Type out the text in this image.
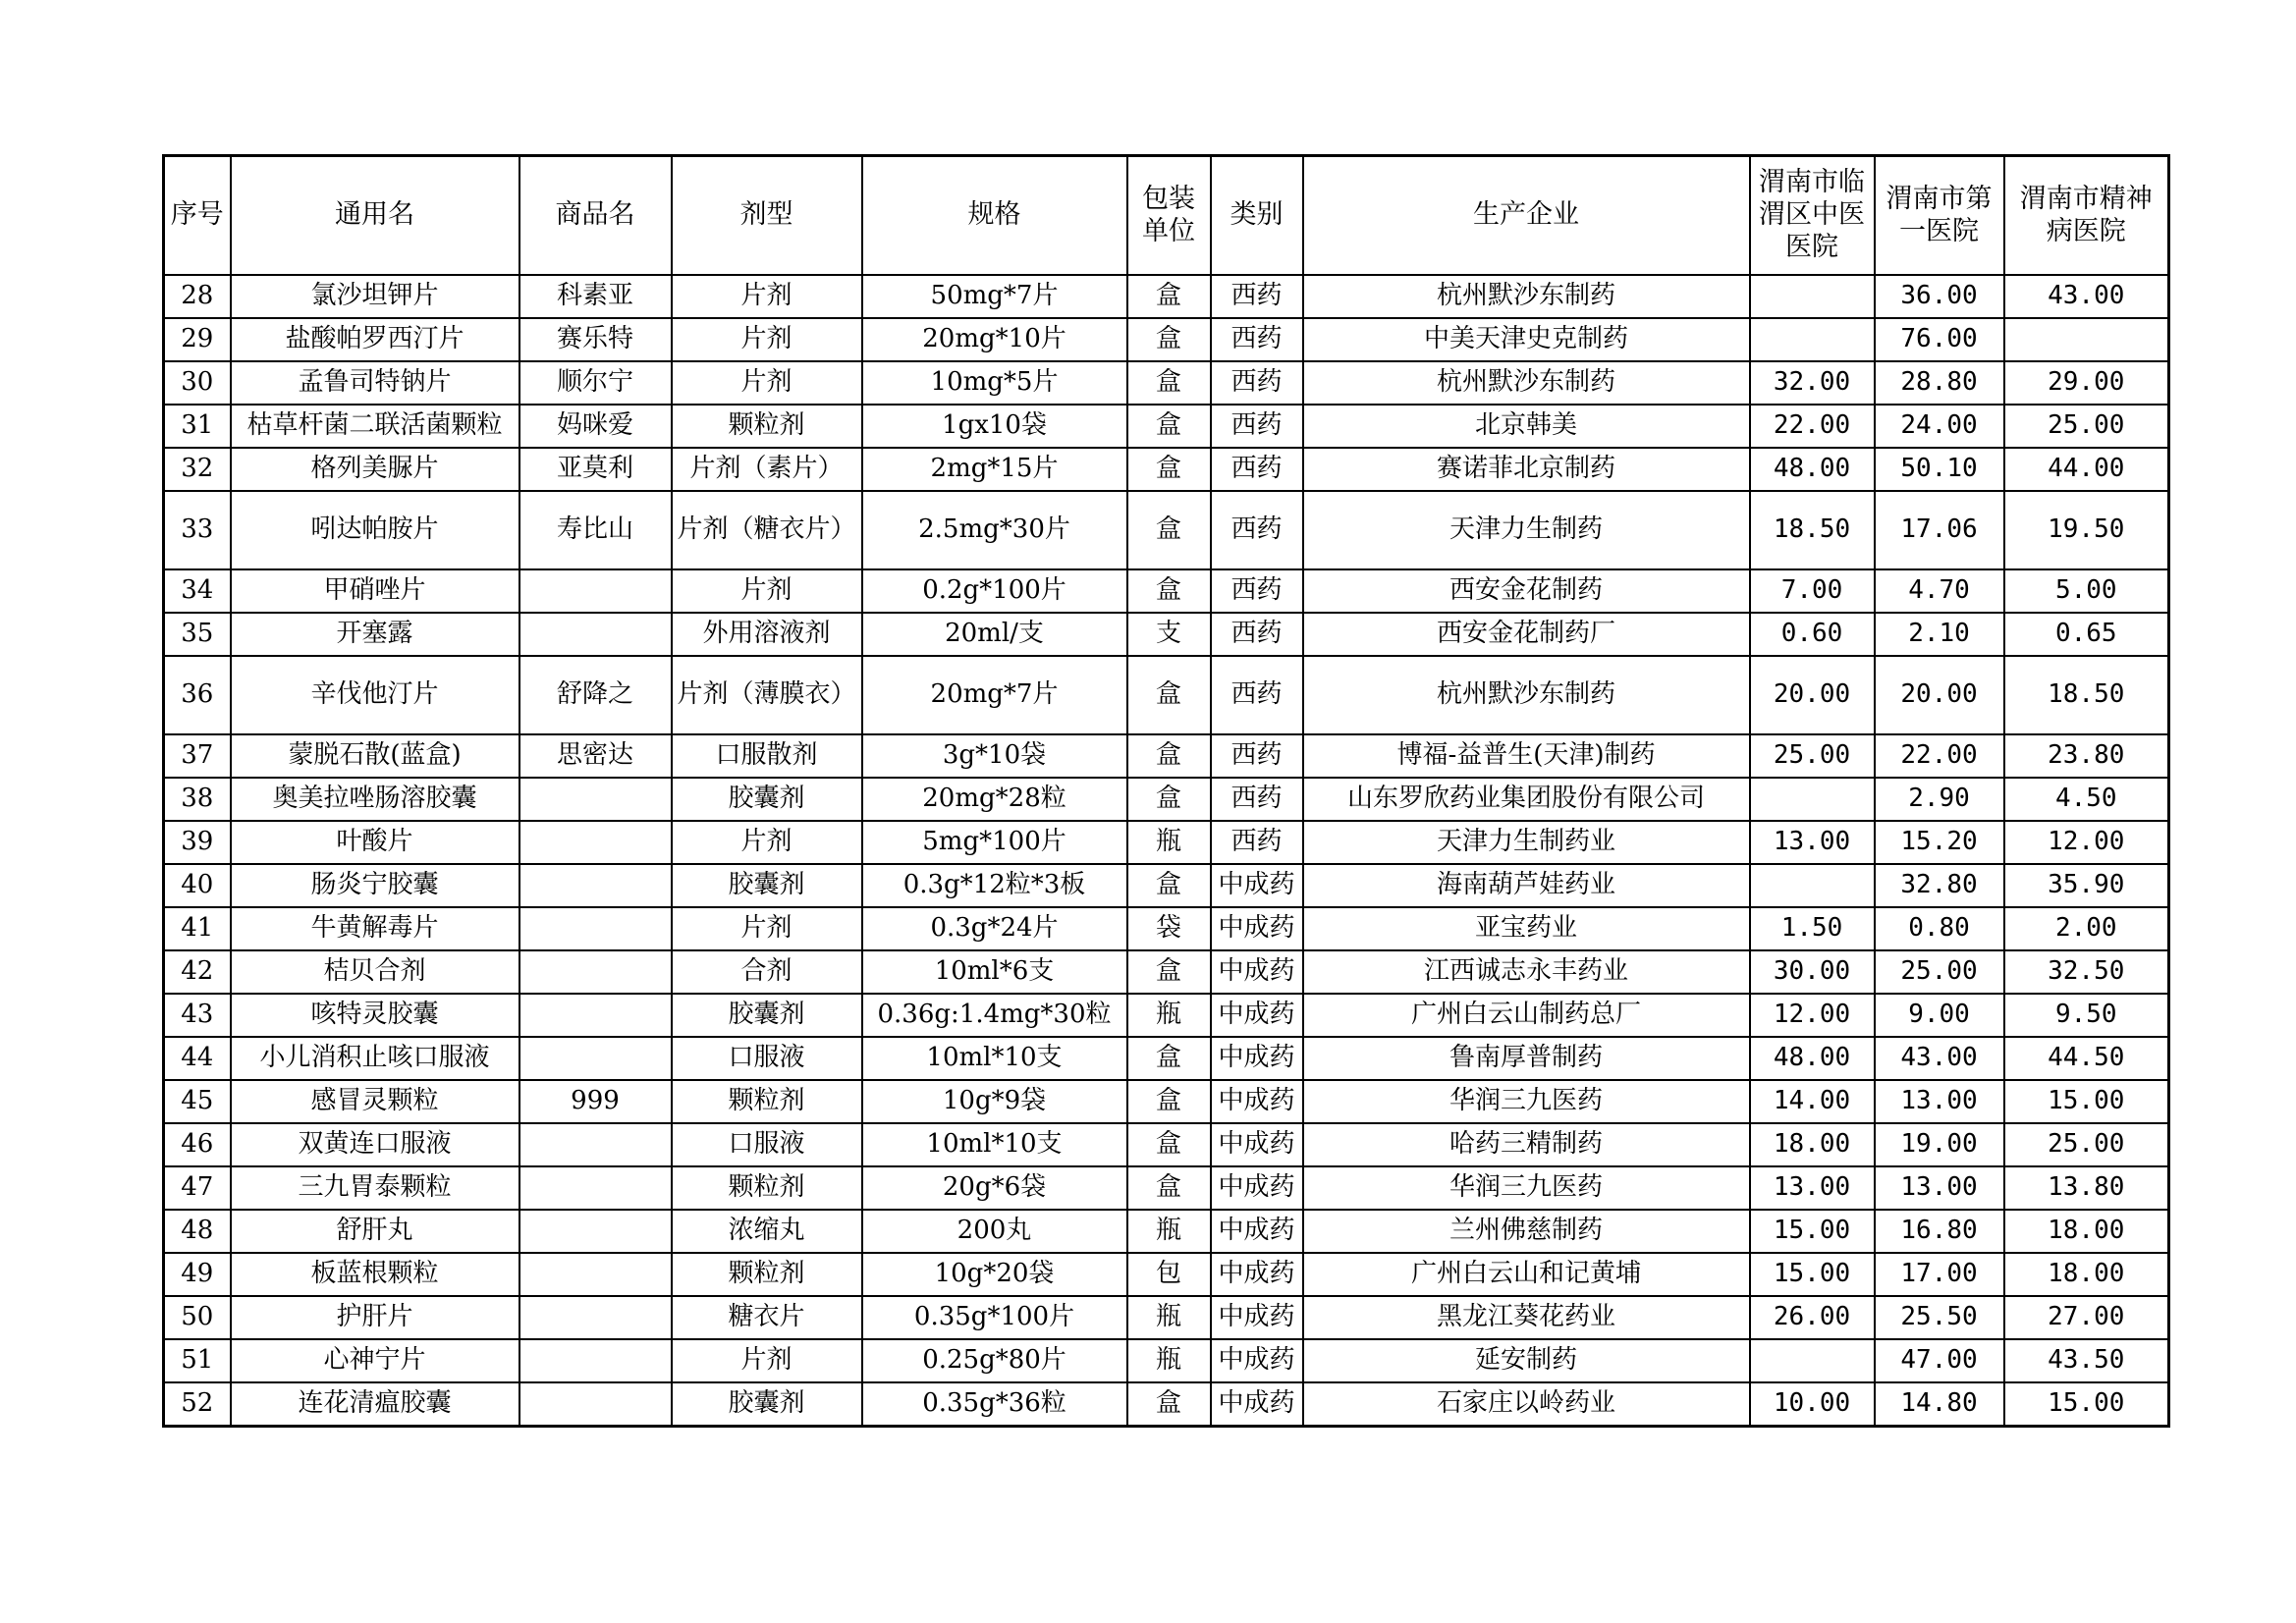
序号	通用名	商品名	剂型	规格	包装单位	类别	生产企业	渭南市临渭区中医医院	渭南市第一医院	渭南市精神病医院
28	氯沙坦钾片	科素亚	片剂	50mg*7片	盒	西药	杭州默沙东制药		36.00	43.00
29	盐酸帕罗西汀片	赛乐特	片剂	20mg*10片	盒	西药	中美天津史克制药		76.00	
30	孟鲁司特钠片	顺尔宁	片剂	10mg*5片	盒	西药	杭州默沙东制药	32.00	28.80	29.00
31	枯草杆菌二联活菌颗粒	妈咪爱	颗粒剂	1gx10袋	盒	西药	北京韩美	22.00	24.00	25.00
32	格列美脲片	亚莫利	片剂（素片）	2mg*15片	盒	西药	赛诺菲北京制药	48.00	50.10	44.00
33	吲达帕胺片	寿比山	片剂（糖衣片）	2.5mg*30片	盒	西药	天津力生制药	18.50	17.06	19.50
34	甲硝唑片		片剂	0.2g*100片	盒	西药	西安金花制药	7.00	4.70	5.00
35	开塞露		外用溶液剂	20ml/支	支	西药	西安金花制药厂	0.60	2.10	0.65
36	辛伐他汀片	舒降之	片剂（薄膜衣）	20mg*7片	盒	西药	杭州默沙东制药	20.00	20.00	18.50
37	蒙脱石散(蓝盒)	思密达	口服散剂	3g*10袋	盒	西药	博福-益普生(天津)制药	25.00	22.00	23.80
38	奥美拉唑肠溶胶囊		胶囊剂	20mg*28粒	盒	西药	山东罗欣药业集团股份有限公司		2.90	4.50
39	叶酸片		片剂	5mg*100片	瓶	西药	天津力生制药业	13.00	15.20	12.00
40	肠炎宁胶囊		胶囊剂	0.3g*12粒*3板	盒	中成药	海南葫芦娃药业		32.80	35.90
41	牛黄解毒片		片剂	0.3g*24片	袋	中成药	亚宝药业	1.50	0.80	2.00
42	桔贝合剂		合剂	10ml*6支	盒	中成药	江西诚志永丰药业	30.00	25.00	32.50
43	咳特灵胶囊		胶囊剂	0.36g:1.4mg*30粒	瓶	中成药	广州白云山制药总厂	12.00	9.00	9.50
44	小儿消积止咳口服液		口服液	10ml*10支	盒	中成药	鲁南厚普制药	48.00	43.00	44.50
45	感冒灵颗粒	999	颗粒剂	10g*9袋	盒	中成药	华润三九医药	14.00	13.00	15.00
46	双黄连口服液		口服液	10ml*10支	盒	中成药	哈药三精制药	18.00	19.00	25.00
47	三九胃泰颗粒		颗粒剂	20g*6袋	盒	中成药	华润三九医药	13.00	13.00	13.80
48	舒肝丸		浓缩丸	200丸	瓶	中成药	兰州佛慈制药	15.00	16.80	18.00
49	板蓝根颗粒		颗粒剂	10g*20袋	包	中成药	广州白云山和记黄埔	15.00	17.00	18.00
50	护肝片		糖衣片	0.35g*100片	瓶	中成药	黑龙江葵花药业	26.00	25.50	27.00
51	心神宁片		片剂	0.25g*80片	瓶	中成药	延安制药		47.00	43.50
52	连花清瘟胶囊		胶囊剂	0.35g*36粒	盒	中成药	石家庄以岭药业	10.00	14.80	15.00
